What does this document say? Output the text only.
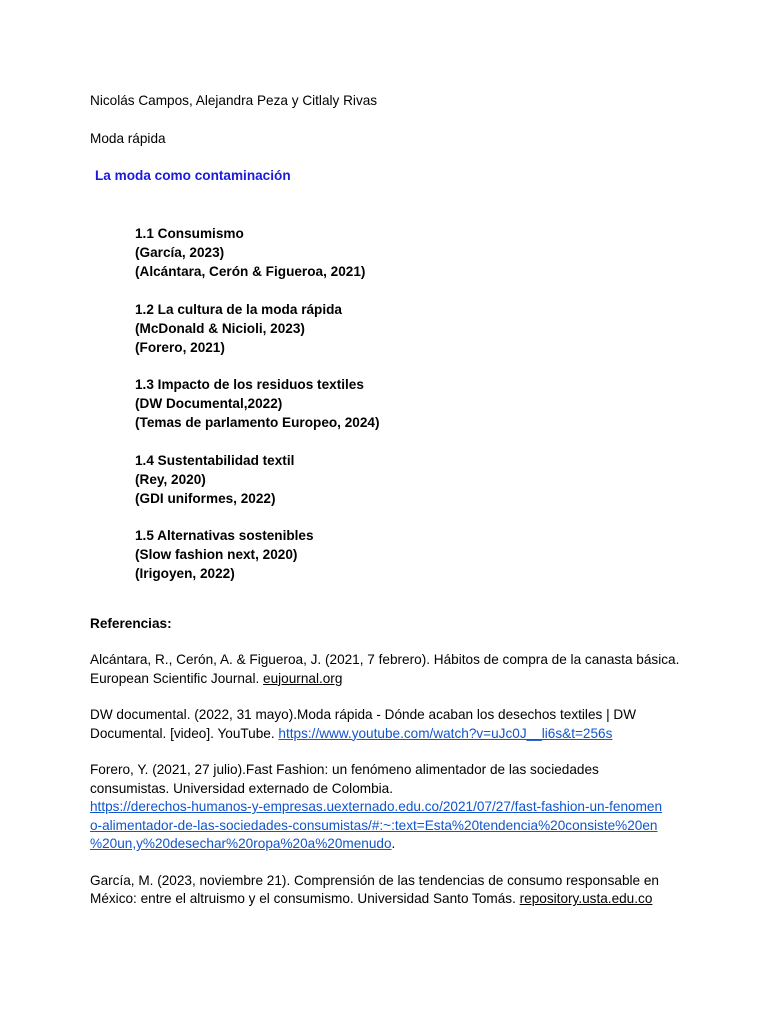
Nicolás Campos, Alejandra Peza y Citlaly Rivas

Moda rápida

La moda como contaminación

1.1 Consumismo

(García, 2023)

(Alcántara, Cerón & Figueroa, 2021)

1.2 La cultura de la moda rápida

(McDonald & Nicioli, 2023)

(Forero, 2021)

1.3 Impacto de los residuos textiles

(DW Documental,2022)

(Temas de parlamento Europeo, 2024)

1.4 Sustentabilidad textil

(Rey, 2020)

(GDI uniformes, 2022)

1.5 Alternativas sostenibles

(Slow fashion next, 2020)

(Irigoyen, 2022)

Referencias:

Alcántara, R., Cerón, A. & Figueroa, J. (2021, 7 febrero). Hábitos de compra de la canasta básica. European Scientific Journal. eujournal.org

DW documental. (2022, 31 mayo).Moda rápida - Dónde acaban los desechos textiles | DW Documental. [video]. YouTube. https://www.youtube.com/watch?v=uJc0J__li6s&t=256s

Forero, Y. (2021, 27 julio).Fast Fashion: un fenómeno alimentador de las sociedades consumistas. Universidad externado de Colombia.
https://derechos-humanos-y-empresas.uexternado.edu.co/2021/07/27/fast-fashion-un-fenomen
o-alimentador-de-las-sociedades-consumistas/#:~:text=Esta%20tendencia%20consiste%20en
%20un,y%20desechar%20ropa%20a%20menudo.

García, M. (2023, noviembre 21). Comprensión de las tendencias de consumo responsable en México: entre el altruismo y el consumismo. Universidad Santo Tomás. repository.usta.edu.co
